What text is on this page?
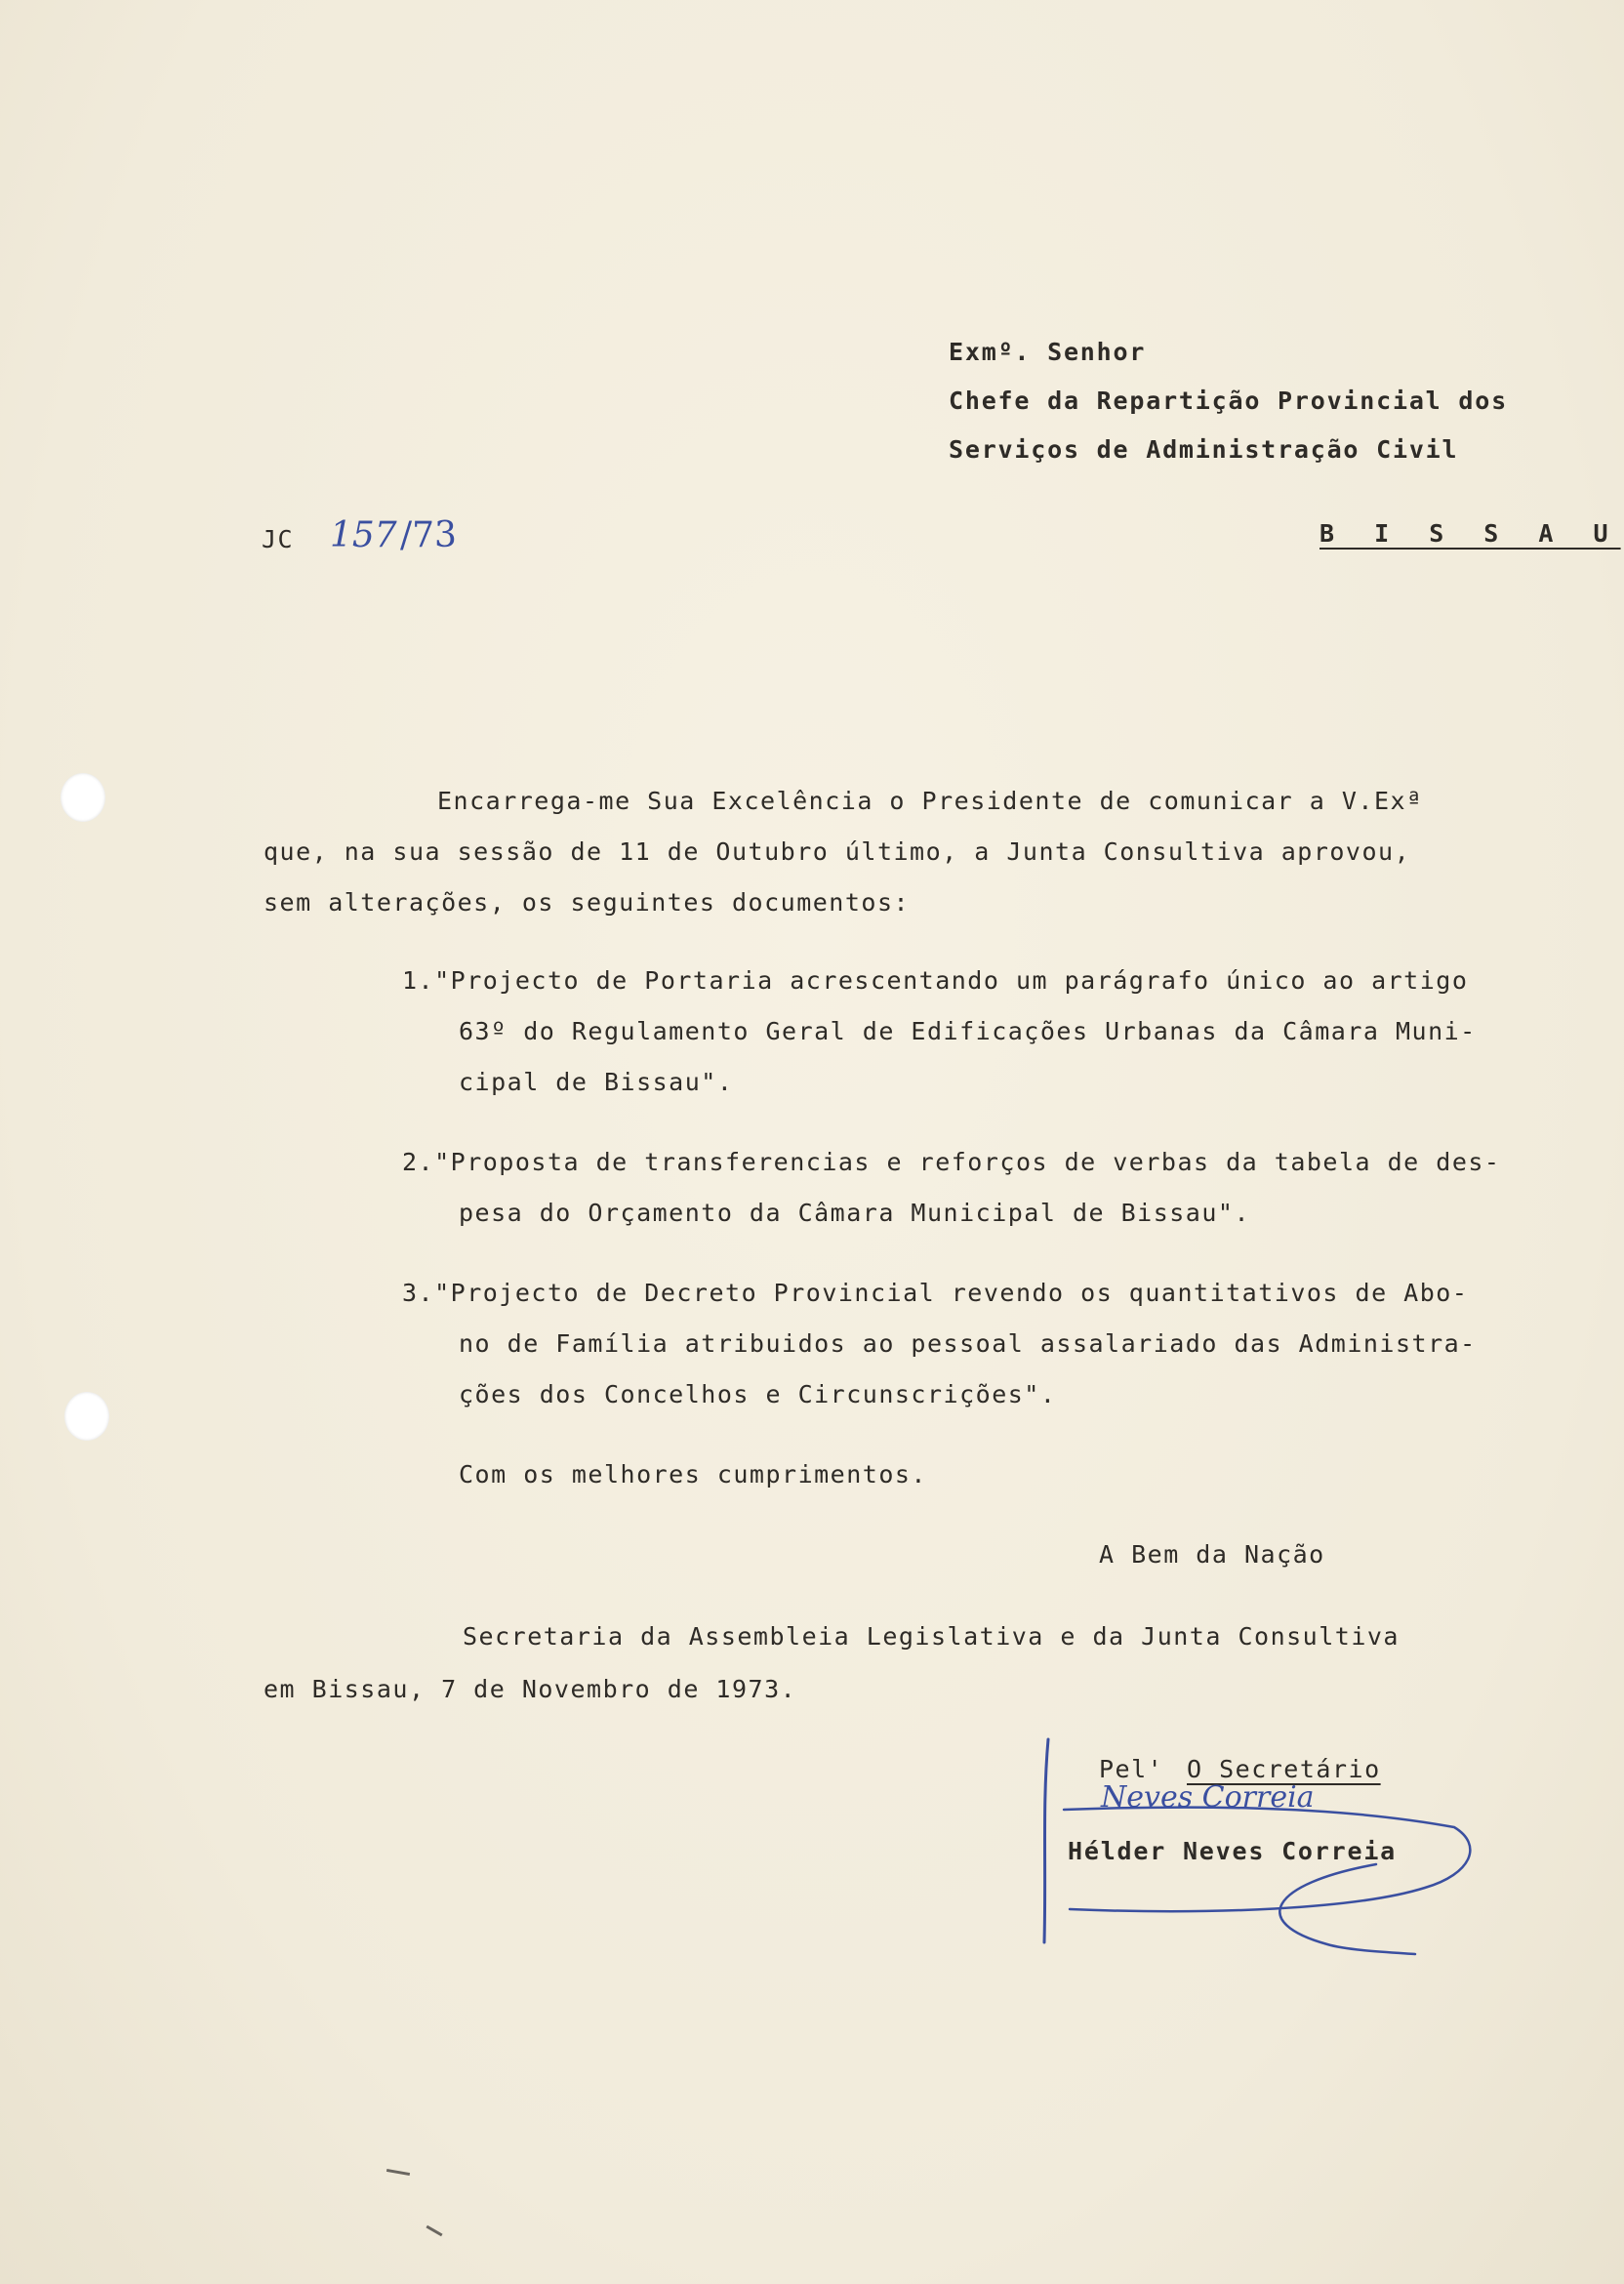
Exmº. Senhor
Chefe da Repartição Provincial dos
Serviços de Administração Civil
JC 157 /73	B I S S A U
Encarrega-me Sua Excelência o Presidente de comunicar a V.Exª
que, na sua sessão de 11 de Outubro último, a Junta Consultiva aprovou,
sem alterações, os seguintes documentos:
1."Projecto de Portaria acrescentando um parágrafo único ao artigo
63º do Regulamento Geral de Edificações Urbanas da Câmara Muni-
cipal de Bissau".
2."Proposta de transferencias e reforços de verbas da tabela de des-
pesa do Orçamento da Câmara Municipal de Bissau".
3."Projecto de Decreto Provincial revendo os quantitativos de Abo-
no de Família atribuidos ao pessoal assalariado das Administra-
ções dos Concelhos e Circunscrições".
Com os melhores cumprimentos.
A Bem da Nação
Secretaria da Assembleia Legislativa e da Junta Consultiva
em Bissau, 7 de Novembro de 1973.
Pel' O Secretário
Neves Correia
Hélder Neves Correia
